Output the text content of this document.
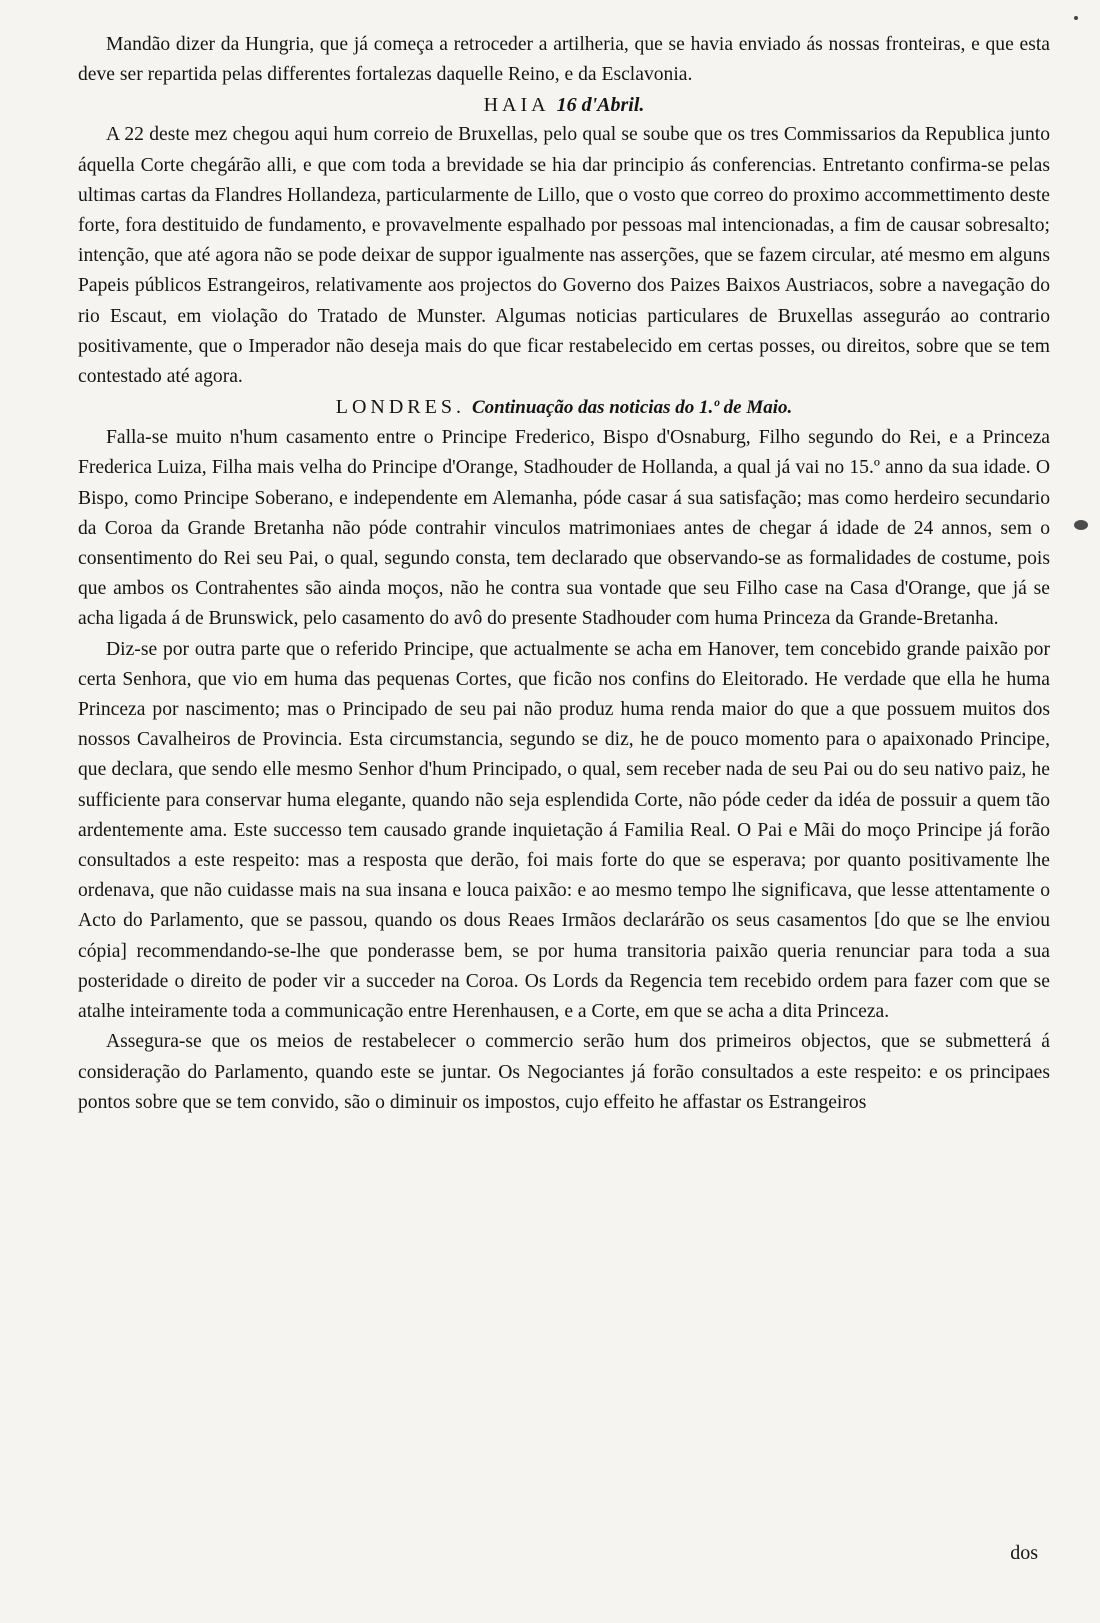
Mandão dizer da Hungria, que já começa a retroceder a artilheria, que se havia enviado ás nossas fronteiras, e que esta deve ser repartida pelas differentes fortalezas daquelle Reino, e da Esclavonia.

HAIA 16 d'Abril.

A 22 deste mez chegou aqui hum correio de Bruxellas, pelo qual se soube que os tres Commissarios da Republica junto áquella Corte chegárão alli, e que com toda a brevidade se hia dar principio ás conferencias. Entretanto confirma-se pelas ultimas cartas da Flandres Hollandeza, particularmente de Lillo, que o vosto que correo do proximo accommettimento deste forte, fora destituido de fundamento, e provavelmente espalhado por pessoas mal intencionadas, a fim de causar sobresalto; intenção, que até agora não se pode deixar de suppor igualmente nas asserções, que se fazem circular, até mesmo em alguns Papeis públicos Estrangeiros, relativamente aos projectos do Governo dos Paizes Baixos Austriacos, sobre a navegação do rio Escaut, em violação do Tratado de Munster. Algumas noticias particulares de Bruxellas asseguráo ao contrario positivamente, que o Imperador não deseja mais do que ficar restabelecido em certas posses, ou direitos, sobre que se tem contestado até agora.

LONDRES. Continuação das noticias do 1.º de Maio.

Falla-se muito n'hum casamento entre o Principe Frederico, Bispo d'Osnaburg, Filho segundo do Rei, e a Princeza Frederica Luiza, Filha mais velha do Principe d'Orange, Stadhouder de Hollanda, a qual já vai no 15.º anno da sua idade. O Bispo, como Principe Soberano, e independente em Alemanha, póde casar á sua satisfação; mas como herdeiro secundario da Coroa da Grande Bretanha não póde contrahir vinculos matrimoniaes antes de chegar á idade de 24 annos, sem o consentimento do Rei seu Pai, o qual, segundo consta, tem declarado que observando-se as formalidades de costume, pois que ambos os Contrahentes são ainda moços, não he contra sua vontade que seu Filho case na Casa d'Orange, que já se acha ligada á de Brunswick, pelo casamento do avô do presente Stadhouder com huma Princeza da Grande-Bretanha.

Diz-se por outra parte que o referido Principe, que actualmente se acha em Hanover, tem concebido grande paixão por certa Senhora, que vio em huma das pequenas Cortes, que ficão nos confins do Eleitorado. He verdade que ella he huma Princeza por nascimento; mas o Principado de seu pai não produz huma renda maior do que a que possuem muitos dos nossos Cavalheiros de Provincia. Esta circumstancia, segundo se diz, he de pouco momento para o apaixonado Principe, que declara, que sendo elle mesmo Senhor d'hum Principado, o qual, sem receber nada de seu Pai ou do seu nativo paiz, he sufficiente para conservar huma elegante, quando não seja esplendida Corte, não póde ceder da idéa de possuir a quem tão ardentemente ama. Este successo tem causado grande inquietação á Familia Real. O Pai e Mãi do moço Principe já forão consultados a este respeito: mas a resposta que derão, foi mais forte do que se esperava; por quanto positivamente lhe ordenava, que não cuidasse mais na sua insana e louca paixão: e ao mesmo tempo lhe significava, que lesse attentamente o Acto do Parlamento, que se passou, quando os dous Reaes Irmãos declarárão os seus casamentos [do que se lhe enviou cópia] recommendando-se-lhe que ponderasse bem, se por huma transitoria paixão queria renunciar para toda a sua posteridade o direito de poder vir a succeder na Coroa. Os Lords da Regencia tem recebido ordem para fazer com que se atalhe inteiramente toda a communicação entre Herenhausen, e a Corte, em que se acha a dita Princeza.

Assegura-se que os meios de restabelecer o commercio serão hum dos primeiros objectos, que se submetterá á consideração do Parlamento, quando este se juntar. Os Negociantes já forão consultados a este respeito: e os principaes pontos sobre que se tem convido, são o diminuir os impostos, cujo effeito he affastar os Estrangeiros

dos
